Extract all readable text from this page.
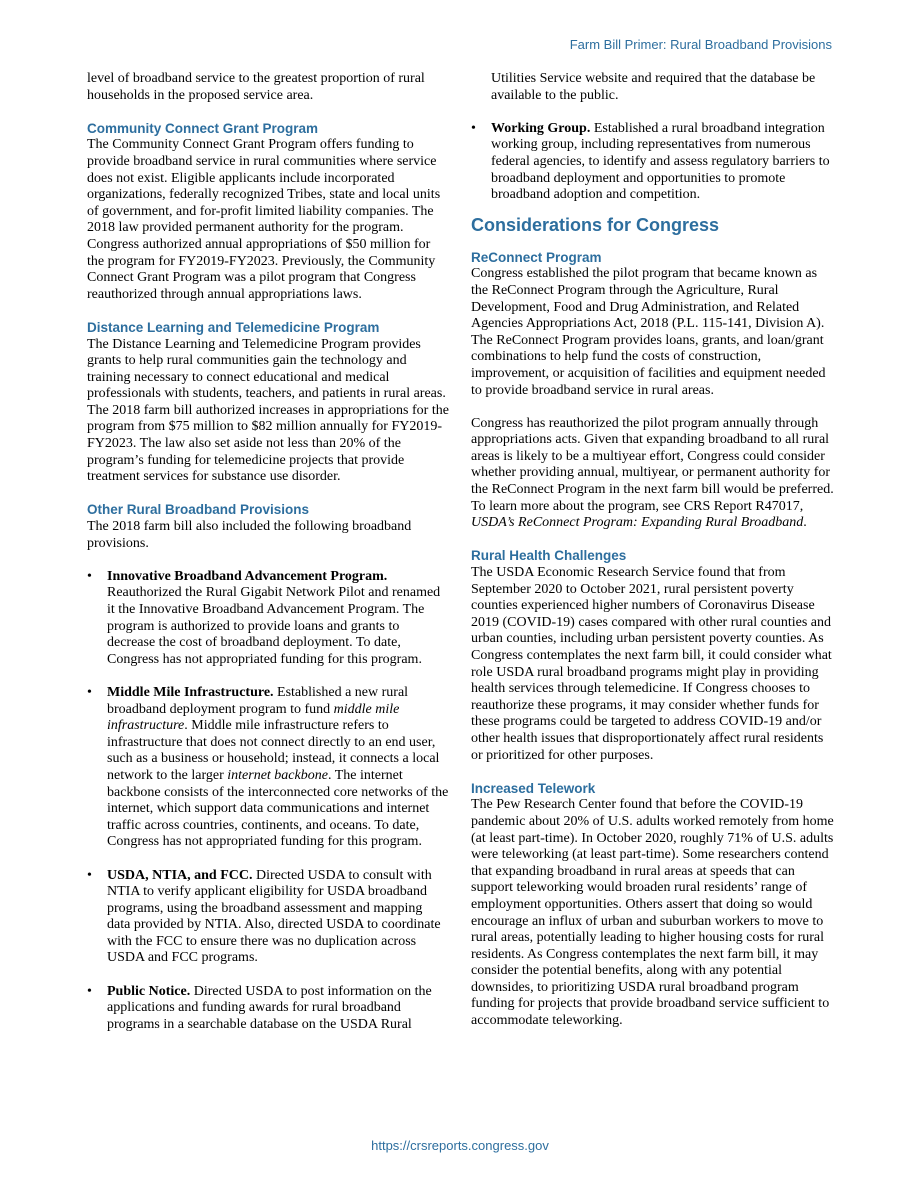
Farm Bill Primer: Rural Broadband Provisions

level of broadband service to the greatest proportion of rural households in the proposed service area.

Community Connect Grant Program

The Community Connect Grant Program offers funding to provide broadband service in rural communities where service does not exist. Eligible applicants include incorporated organizations, federally recognized Tribes, state and local units of government, and for-profit limited liability companies. The 2018 law provided permanent authority for the program. Congress authorized annual appropriations of $50 million for the program for FY2019-FY2023. Previously, the Community Connect Grant Program was a pilot program that Congress reauthorized through annual appropriations laws.

Distance Learning and Telemedicine Program

The Distance Learning and Telemedicine Program provides grants to help rural communities gain the technology and training necessary to connect educational and medical professionals with students, teachers, and patients in rural areas. The 2018 farm bill authorized increases in appropriations for the program from $75 million to $82 million annually for FY2019-FY2023. The law also set aside not less than 20% of the program’s funding for telemedicine projects that provide treatment services for substance use disorder.

Other Rural Broadband Provisions

The 2018 farm bill also included the following broadband provisions.

• Innovative Broadband Advancement Program. Reauthorized the Rural Gigabit Network Pilot and renamed it the Innovative Broadband Advancement Program. The program is authorized to provide loans and grants to decrease the cost of broadband deployment. To date, Congress has not appropriated funding for this program.
• Middle Mile Infrastructure. Established a new rural broadband deployment program to fund middle mile infrastructure. Middle mile infrastructure refers to infrastructure that does not connect directly to an end user, such as a business or household; instead, it connects a local network to the larger internet backbone. The internet backbone consists of the interconnected core networks of the internet, which support data communications and internet traffic across countries, continents, and oceans. To date, Congress has not appropriated funding for this program.
• USDA, NTIA, and FCC. Directed USDA to consult with NTIA to verify applicant eligibility for USDA broadband programs, using the broadband assessment and mapping data provided by NTIA. Also, directed USDA to coordinate with the FCC to ensure there was no duplication across USDA and FCC programs.
• Public Notice. Directed USDA to post information on the applications and funding awards for rural broadband programs in a searchable database on the USDA Rural

Utilities Service website and required that the database be available to the public.

• Working Group. Established a rural broadband integration working group, including representatives from numerous federal agencies, to identify and assess regulatory barriers to broadband deployment and opportunities to promote broadband adoption and competition.
Considerations for Congress
ReConnect Program

Congress established the pilot program that became known as the ReConnect Program through the Agriculture, Rural Development, Food and Drug Administration, and Related Agencies Appropriations Act, 2018 (P.L. 115-141, Division A). The ReConnect Program provides loans, grants, and loan/grant combinations to help fund the costs of construction, improvement, or acquisition of facilities and equipment needed to provide broadband service in rural areas.

Congress has reauthorized the pilot program annually through appropriations acts. Given that expanding broadband to all rural areas is likely to be a multiyear effort, Congress could consider whether providing annual, multiyear, or permanent authority for the ReConnect Program in the next farm bill would be preferred. To learn more about the program, see CRS Report R47017, USDA’s ReConnect Program: Expanding Rural Broadband.

Rural Health Challenges

The USDA Economic Research Service found that from September 2020 to October 2021, rural persistent poverty counties experienced higher numbers of Coronavirus Disease 2019 (COVID-19) cases compared with other rural counties and urban counties, including urban persistent poverty counties. As Congress contemplates the next farm bill, it could consider what role USDA rural broadband programs might play in providing health services through telemedicine. If Congress chooses to reauthorize these programs, it may consider whether funds for these programs could be targeted to address COVID-19 and/or other health issues that disproportionately affect rural residents or prioritized for other purposes.

Increased Telework

The Pew Research Center found that before the COVID-19 pandemic about 20% of U.S. adults worked remotely from home (at least part-time). In October 2020, roughly 71% of U.S. adults were teleworking (at least part-time). Some researchers contend that expanding broadband in rural areas at speeds that can support teleworking would broaden rural residents’ range of employment opportunities. Others assert that doing so would encourage an influx of urban and suburban workers to move to rural areas, potentially leading to higher housing costs for rural residents. As Congress contemplates the next farm bill, it may consider the potential benefits, along with any potential downsides, to prioritizing USDA rural broadband program funding for projects that provide broadband service sufficient to accommodate teleworking.

https://crsreports.congress.gov
